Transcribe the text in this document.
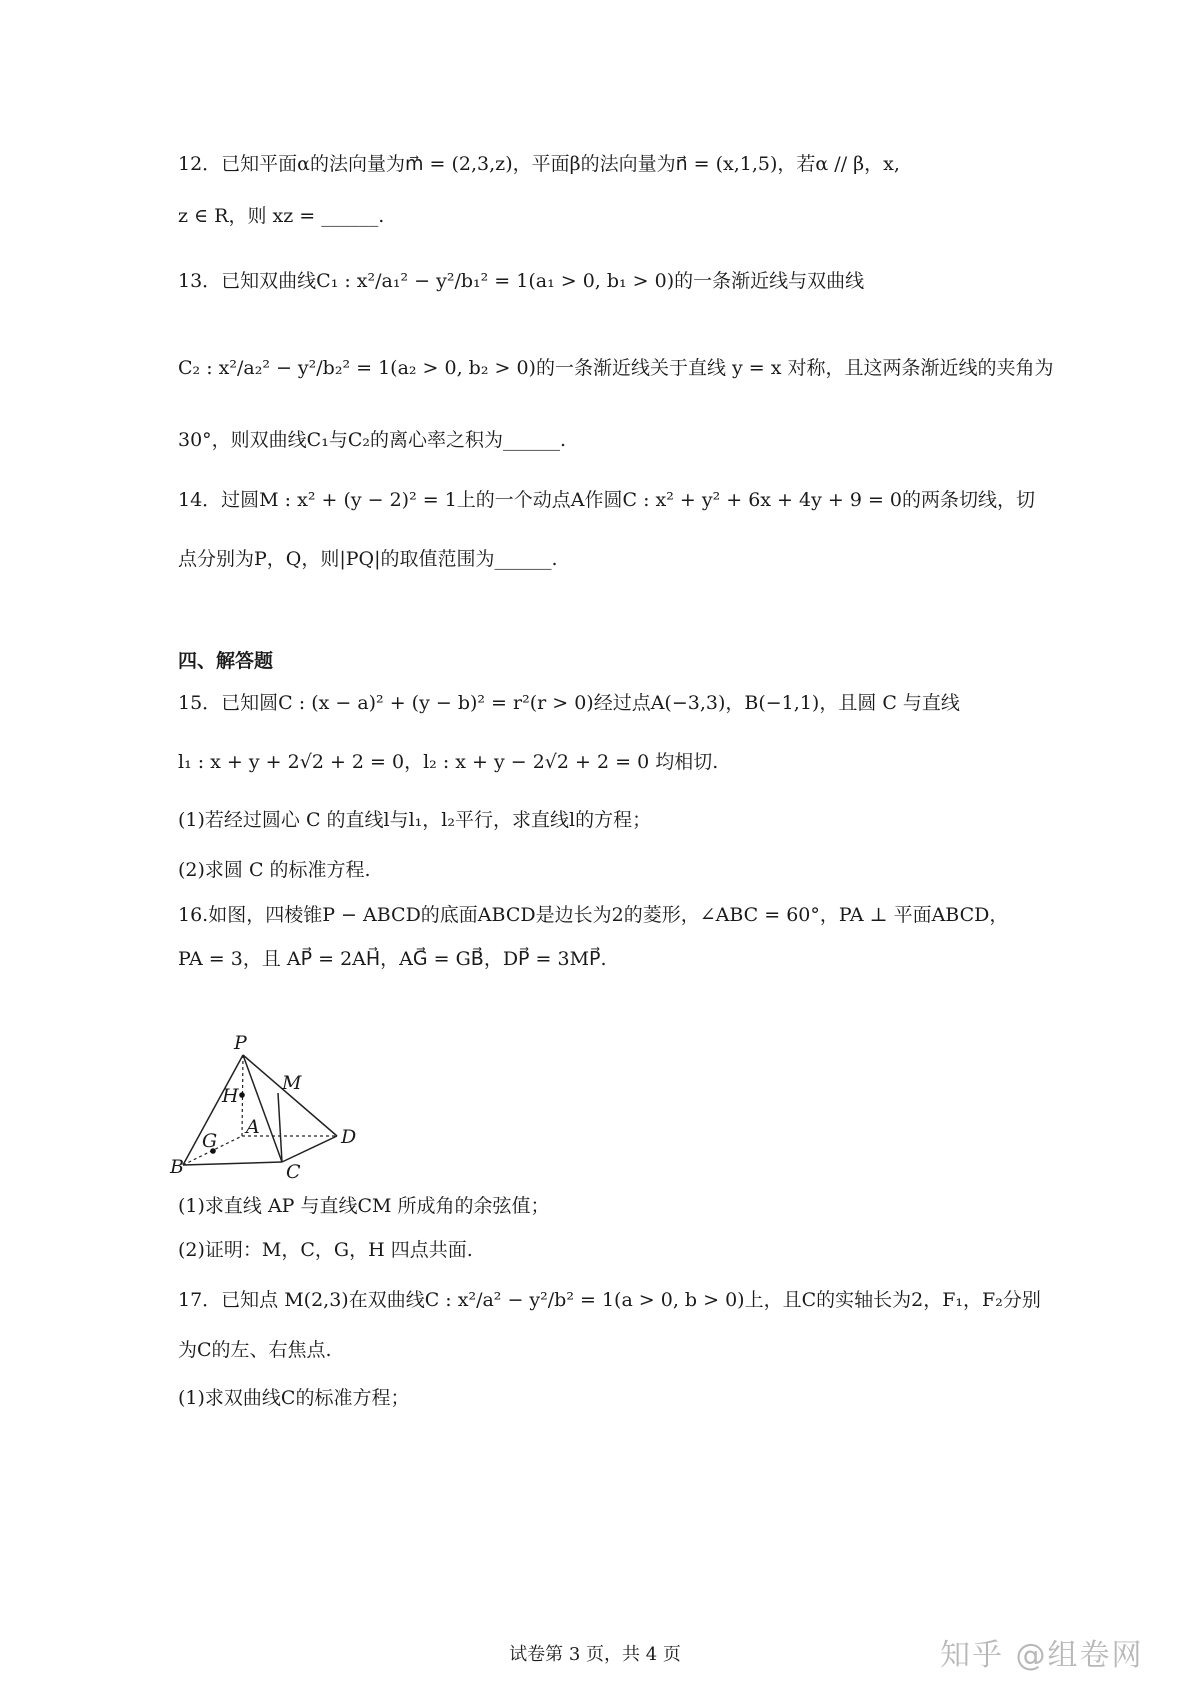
12．已知平面α的法向量为m⃗ = (2,3,z)，平面β的法向量为n⃗ = (x,1,5)，若α // β，x,
z ∈ R，则 xz = ______.
13．已知双曲线C₁ : x²/a₁² − y²/b₁² = 1(a₁ > 0, b₁ > 0)的一条渐近线与双曲线
C₂ : x²/a₂² − y²/b₂² = 1(a₂ > 0, b₂ > 0)的一条渐近线关于直线 y = x 对称，且这两条渐近线的夹角为
30°，则双曲线C₁与C₂的离心率之积为______.
14．过圆M : x² + (y − 2)² = 1上的一个动点A作圆C : x² + y² + 6x + 4y + 9 = 0的两条切线，切
点分别为P，Q，则|PQ|的取值范围为______.
四、解答题
15．已知圆C : (x − a)² + (y − b)² = r²(r > 0)经过点A(−3,3)，B(−1,1)，且圆 C 与直线
l₁ : x + y + 2√2 + 2 = 0，l₂ : x + y − 2√2 + 2 = 0 均相切.
(1)若经过圆心 C 的直线l与l₁，l₂平行，求直线l的方程；
(2)求圆 C 的标准方程.
16.如图，四棱锥P − ABCD的底面ABCD是边长为2的菱形，∠ABC = 60°，PA ⊥ 平面ABCD，
PA = 3，且 AP⃗ = 2AH⃗，AG⃗ = GB⃗，DP⃗ = 3MP⃗.
P
M
H
A
G	D
B	C
(1)求直线 AP 与直线CM 所成角的余弦值；
(2)证明：M，C，G，H 四点共面.
17．已知点 M(2,3)在双曲线C : x²/a² − y²/b² = 1(a > 0, b > 0)上，且C的实轴长为2，F₁，F₂分别
为C的左、右焦点.
(1)求双曲线C的标准方程；
试卷第 3 页，共 4 页	知乎 @组卷网
